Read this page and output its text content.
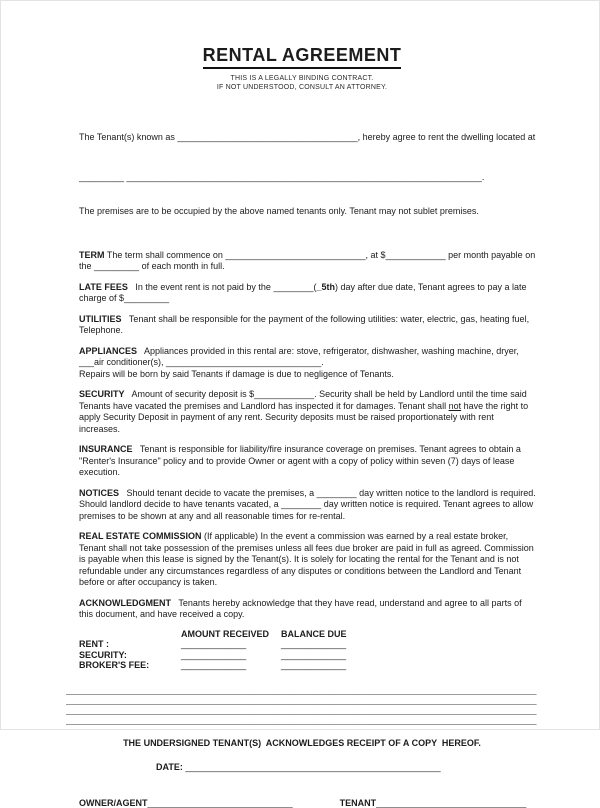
RENTAL AGREEMENT
THIS IS A LEGALLY BINDING CONTRACT.
IF NOT UNDERSTOOD, CONSULT AN ATTORNEY.

The Tenant(s) known as ____________________________________, hereby agree to rent the dwelling located at

_________ _______________________________________________________________________.

The premises are to be occupied by the above named tenants only. Tenant may not sublet premises.

TERM The term shall commence on ____________________________, at $____________ per month payable on the _________ of each month in full.
LATE FEES   In the event rent is not paid by the ________(_5th) day after due date, Tenant agrees to pay a late charge of $_________
UTILITIES   Tenant shall be responsible for the payment of the following utilities: water, electric, gas, heating fuel, Telephone.
APPLIANCES   Appliances provided in this rental are: stove, refrigerator, dishwasher, washing machine, dryer, ___air conditioner(s), _______________________________.
Repairs will be born by said Tenants if damage is due to negligence of Tenants.
SECURITY   Amount of security deposit is $____________. Security shall be held by Landlord until the time said Tenants have vacated the premises and Landlord has inspected it for damages. Tenant shall not have the right to apply Security Deposit in payment of any rent. Security deposits must be raised proportionately with rent increases.
INSURANCE   Tenant is responsible for liability/fire insurance coverage on premises. Tenant agrees to obtain a "Renter's Insurance" policy and to provide Owner or agent with a copy of policy within seven (7) days of lease execution.
NOTICES   Should tenant decide to vacate the premises, a ________ day written notice to the landlord is required. Should landlord decide to have tenants vacated, a ________ day written notice is required. Tenant agrees to allow premises to be shown at any and all reasonable times for re-rental.
REAL ESTATE COMMISSION (If applicable) In the event a commission was earned by a real estate broker, Tenant shall not take possession of the premises unless all fees due broker are paid in full as agreed. Commission is payable when this lease is signed by the Tenant(s). It is solely for locating the rental for the Tenant and is not refundable under any circumstances regardless of any disputes or conditions between the Landlord and Tenant before or after occupancy is taken.
ACKNOWLEDGMENT   Tenants hereby acknowledge that they have read, understand and agree to all parts of this document, and have received a copy.
AMOUNT RECEIVED	BALANCE DUE
RENT :	_____________	_____________
SECURITY:	_____________	_____________
BROKER'S FEE:	_____________	_____________
______________________________________________________________________________________________
______________________________________________________________________________________________
______________________________________________________________________________________________
______________________________________________________________________________________________
THE UNDERSIGNED TENANT(S)  ACKNOWLEDGES RECEIPT OF A COPY  HEREOF.
DATE: ___________________________________________________
OWNER/AGENT_____________________________	TENANT______________________________
